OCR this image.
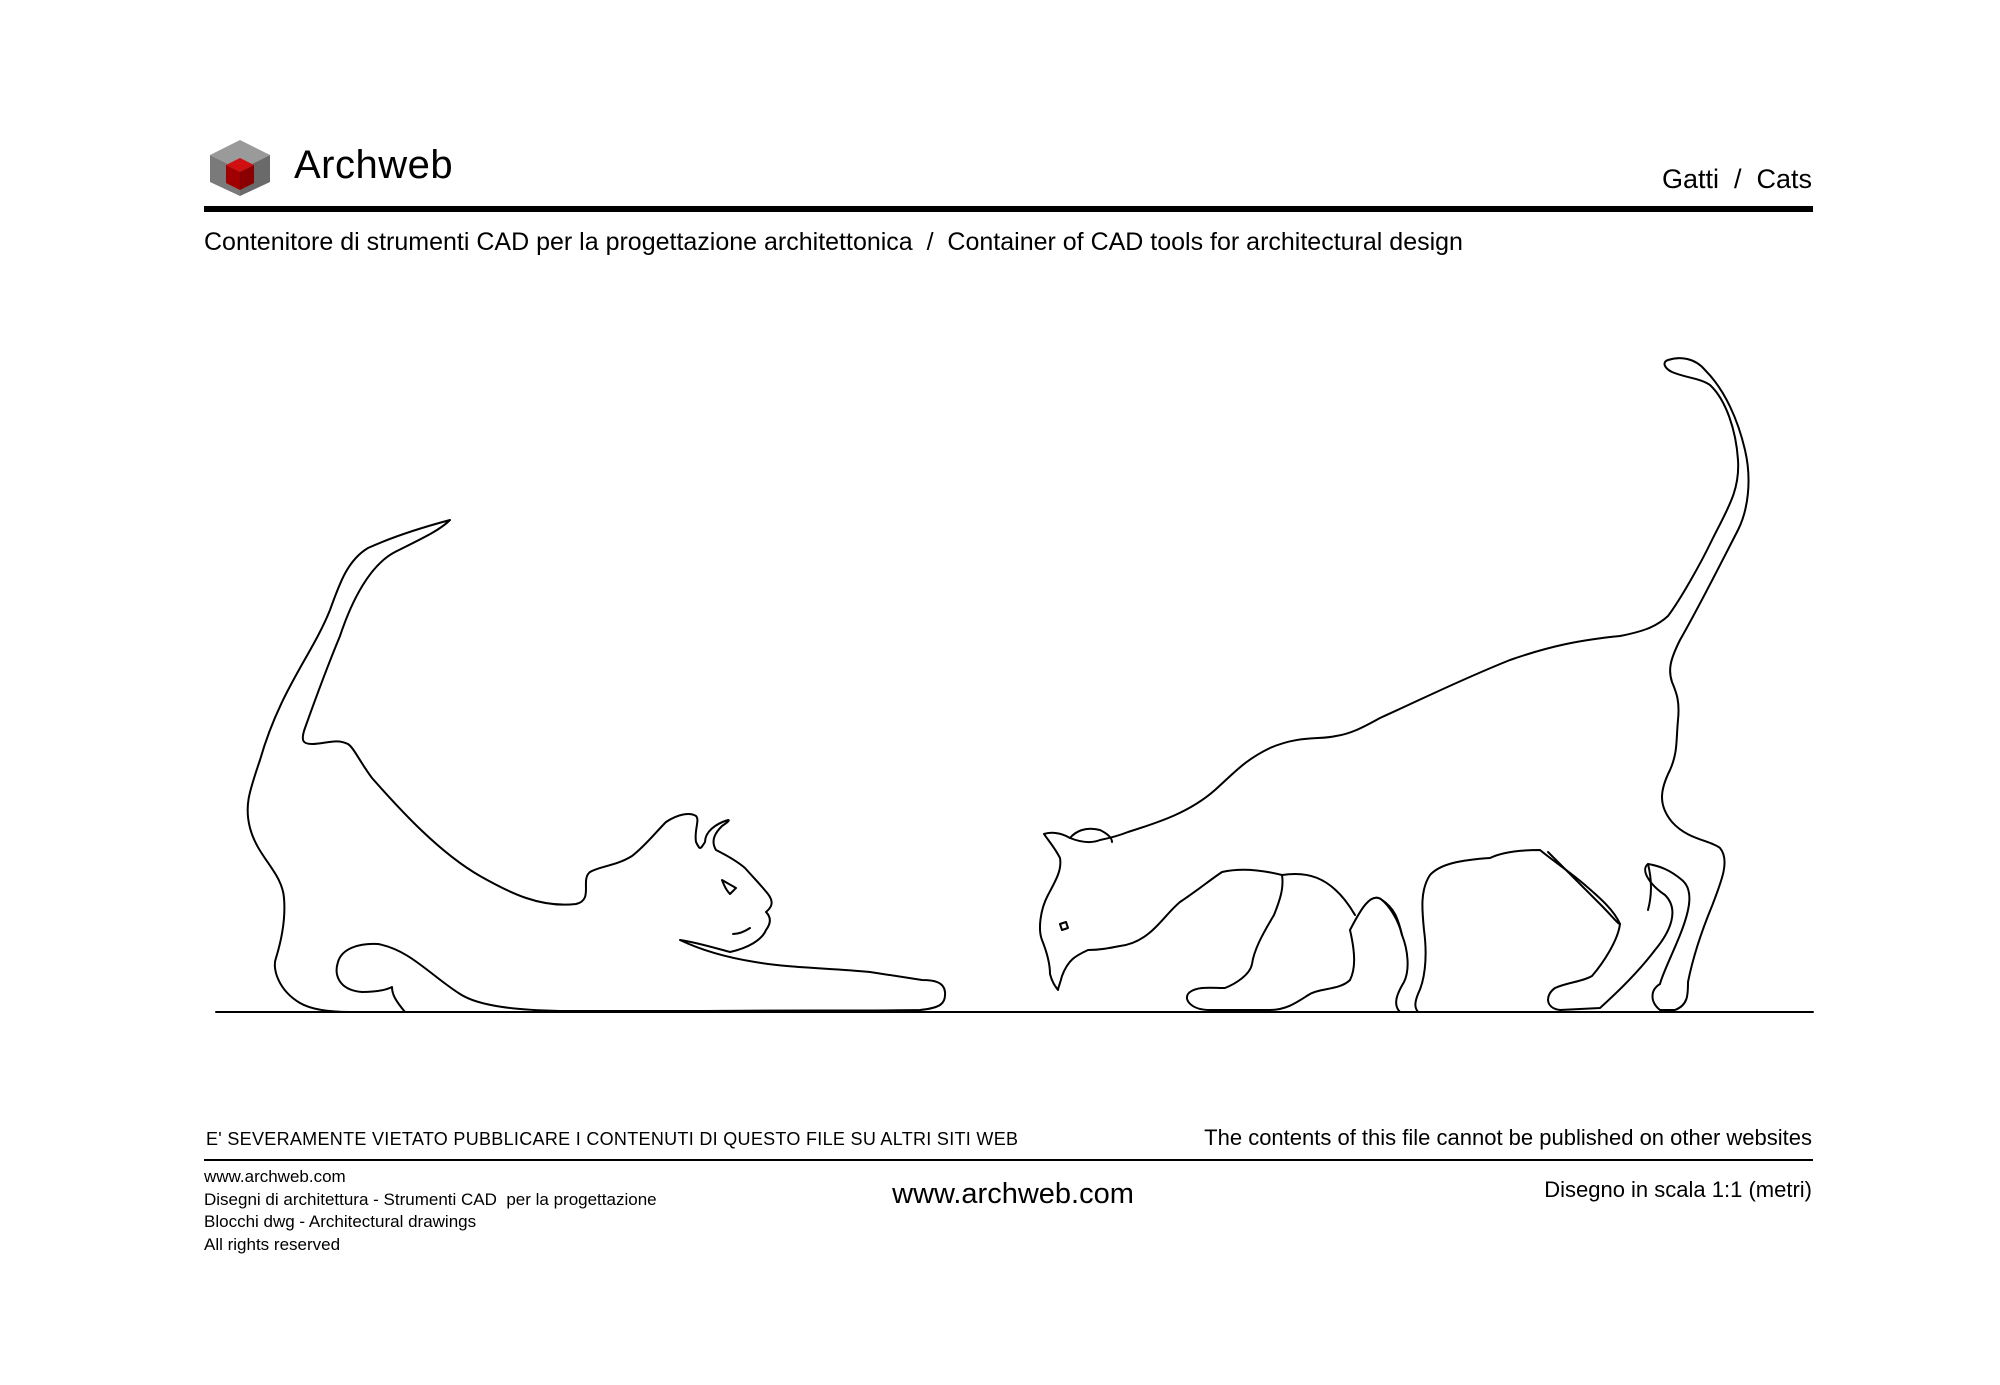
Archweb	Gatti  /  Cats
Contenitore di strumenti CAD per la progettazione architettonica  /  Container of CAD tools for architectural design
E' SEVERAMENTE VIETATO PUBBLICARE I CONTENUTI DI QUESTO FILE SU ALTRI SITI WEB	The contents of this file cannot be published on other websites
www.archweb.com
Disegni di architettura - Strumenti CAD  per la progettazione
Blocchi dwg - Architectural drawings
All rights reserved
www.archweb.com	Disegno in scala 1:1 (metri)
